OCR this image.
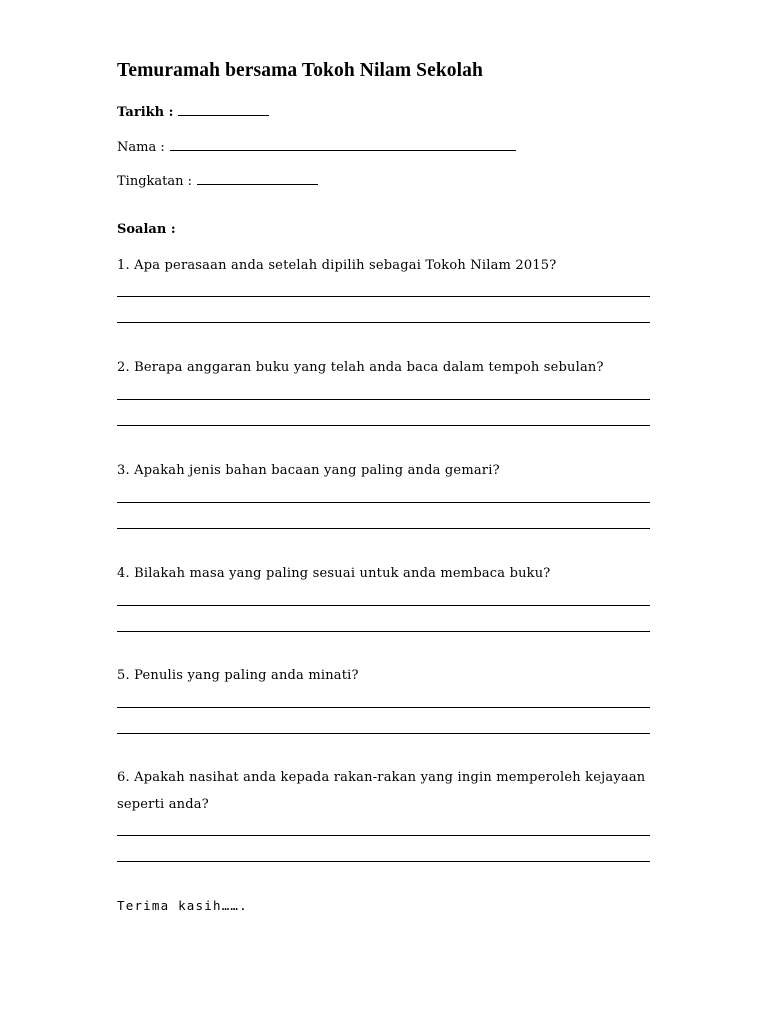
Temuramah bersama Tokoh Nilam Sekolah
Tarikh :
Nama :
Tingkatan :
Soalan :
1. Apa perasaan anda setelah dipilih sebagai Tokoh Nilam 2015?
2. Berapa anggaran buku yang telah anda baca dalam tempoh sebulan?
3. Apakah jenis bahan bacaan yang paling anda gemari?
4. Bilakah masa yang paling sesuai untuk anda membaca buku?
5. Penulis yang paling anda minati?
6. Apakah nasihat anda kepada rakan-rakan yang ingin memperoleh kejayaan seperti anda?
Terima kasih…….
